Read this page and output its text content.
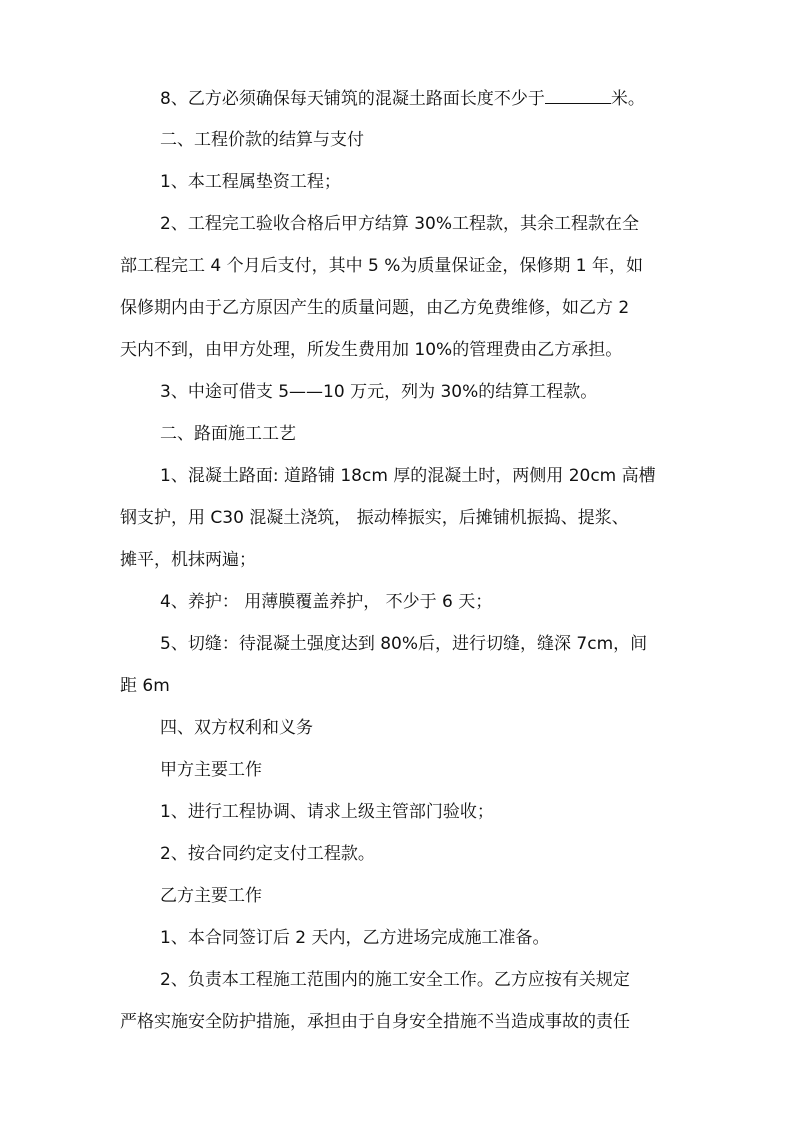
8、乙方必须确保每天铺筑的混凝土路面长度不少于	米。
二、工程价款的结算与支付
1、本工程属垫资工程；
2、工程完工验收合格后甲方结算 30%工程款，其余工程款在全
部工程完工 4 个月后支付，其中 5 %为质量保证金，保修期 1 年，如
保修期内由于乙方原因产生的质量问题，由乙方免费维修，如乙方 2
天内不到，由甲方处理，所发生费用加 10%的管理费由乙方承担。
3、中途可借支 5——10 万元，列为 30%的结算工程款。
二、路面施工工艺
1、混凝土路面: 道路铺 18cm 厚的混凝土时，两侧用 20cm 高槽
钢支护，用 C30 混凝土浇筑， 振动棒振实，后摊铺机振捣、提浆、
摊平，机抹两遍；
4、养护： 用薄膜覆盖养护， 不少于 6 天；
5、切缝：待混凝土强度达到 80%后，进行切缝，缝深 7cm，间
距 6m
四、双方权利和义务
甲方主要工作
1、进行工程协调、请求上级主管部门验收；
2、按合同约定支付工程款。
乙方主要工作
1、本合同签订后 2 天内，乙方进场完成施工准备。
2、负责本工程施工范围内的施工安全工作。乙方应按有关规定
严格实施安全防护措施，承担由于自身安全措施不当造成事故的责任
